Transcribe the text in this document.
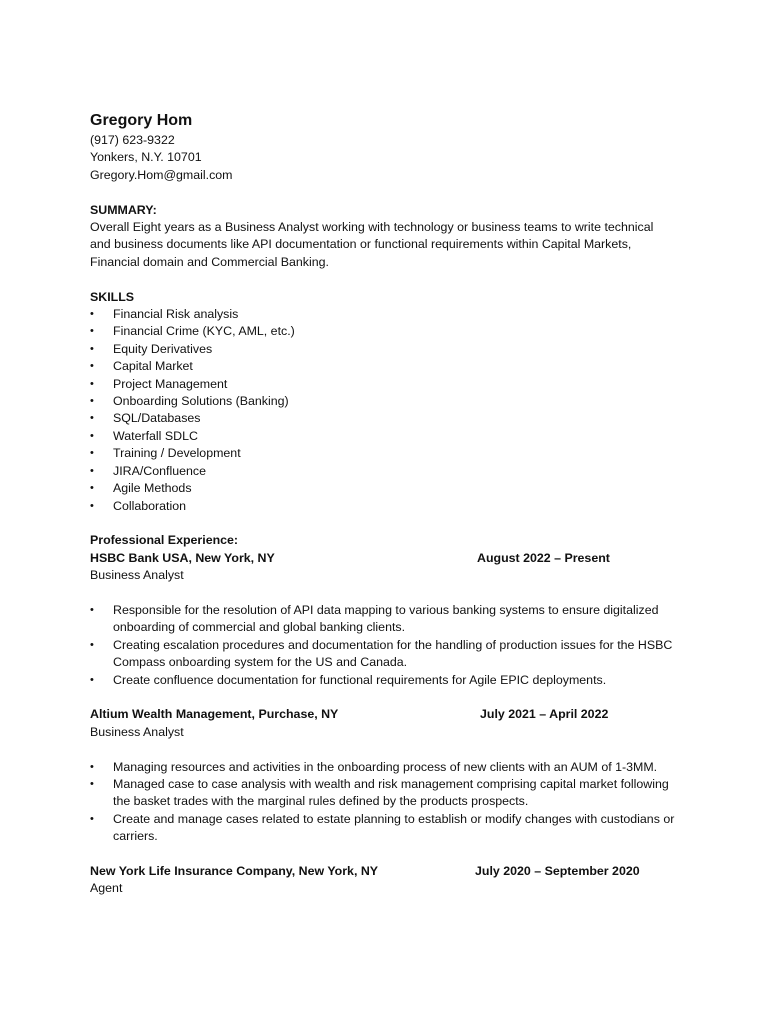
Gregory Hom

(917) 623-9322

Yonkers, N.Y. 10701

Gregory.Hom@gmail.com

SUMMARY:

Overall Eight years as a Business Analyst working with technology or business teams to write technical and business documents like API documentation or functional requirements within Capital Markets, Financial domain and Commercial Banking.

SKILLS

• Financial Risk analysis
• Financial Crime (KYC, AML, etc.)
• Equity Derivatives
• Capital Market
• Project Management
• Onboarding Solutions (Banking)
• SQL/Databases
• Waterfall SDLC
• Training / Development
• JIRA/Confluence
• Agile Methods
• Collaboration

Professional Experience:

HSBC Bank USA, New York, NY	August 2022 – Present

Business Analyst

• Responsible for the resolution of API data mapping to various banking systems to ensure digitalized onboarding of commercial and global banking clients.
• Creating escalation procedures and documentation for the handling of production issues for the HSBC Compass onboarding system for the US and Canada.
• Create confluence documentation for functional requirements for Agile EPIC deployments.
Altium Wealth Management, Purchase, NY	July 2021 – April 2022

Business Analyst

• Managing resources and activities in the onboarding process of new clients with an AUM of 1-3MM.
• Managed case to case analysis with wealth and risk management comprising capital market following the basket trades with the marginal rules defined by the products prospects.
• Create and manage cases related to estate planning to establish or modify changes with custodians or carriers.
New York Life Insurance Company, New York, NY	July 2020 – September 2020

Agent
